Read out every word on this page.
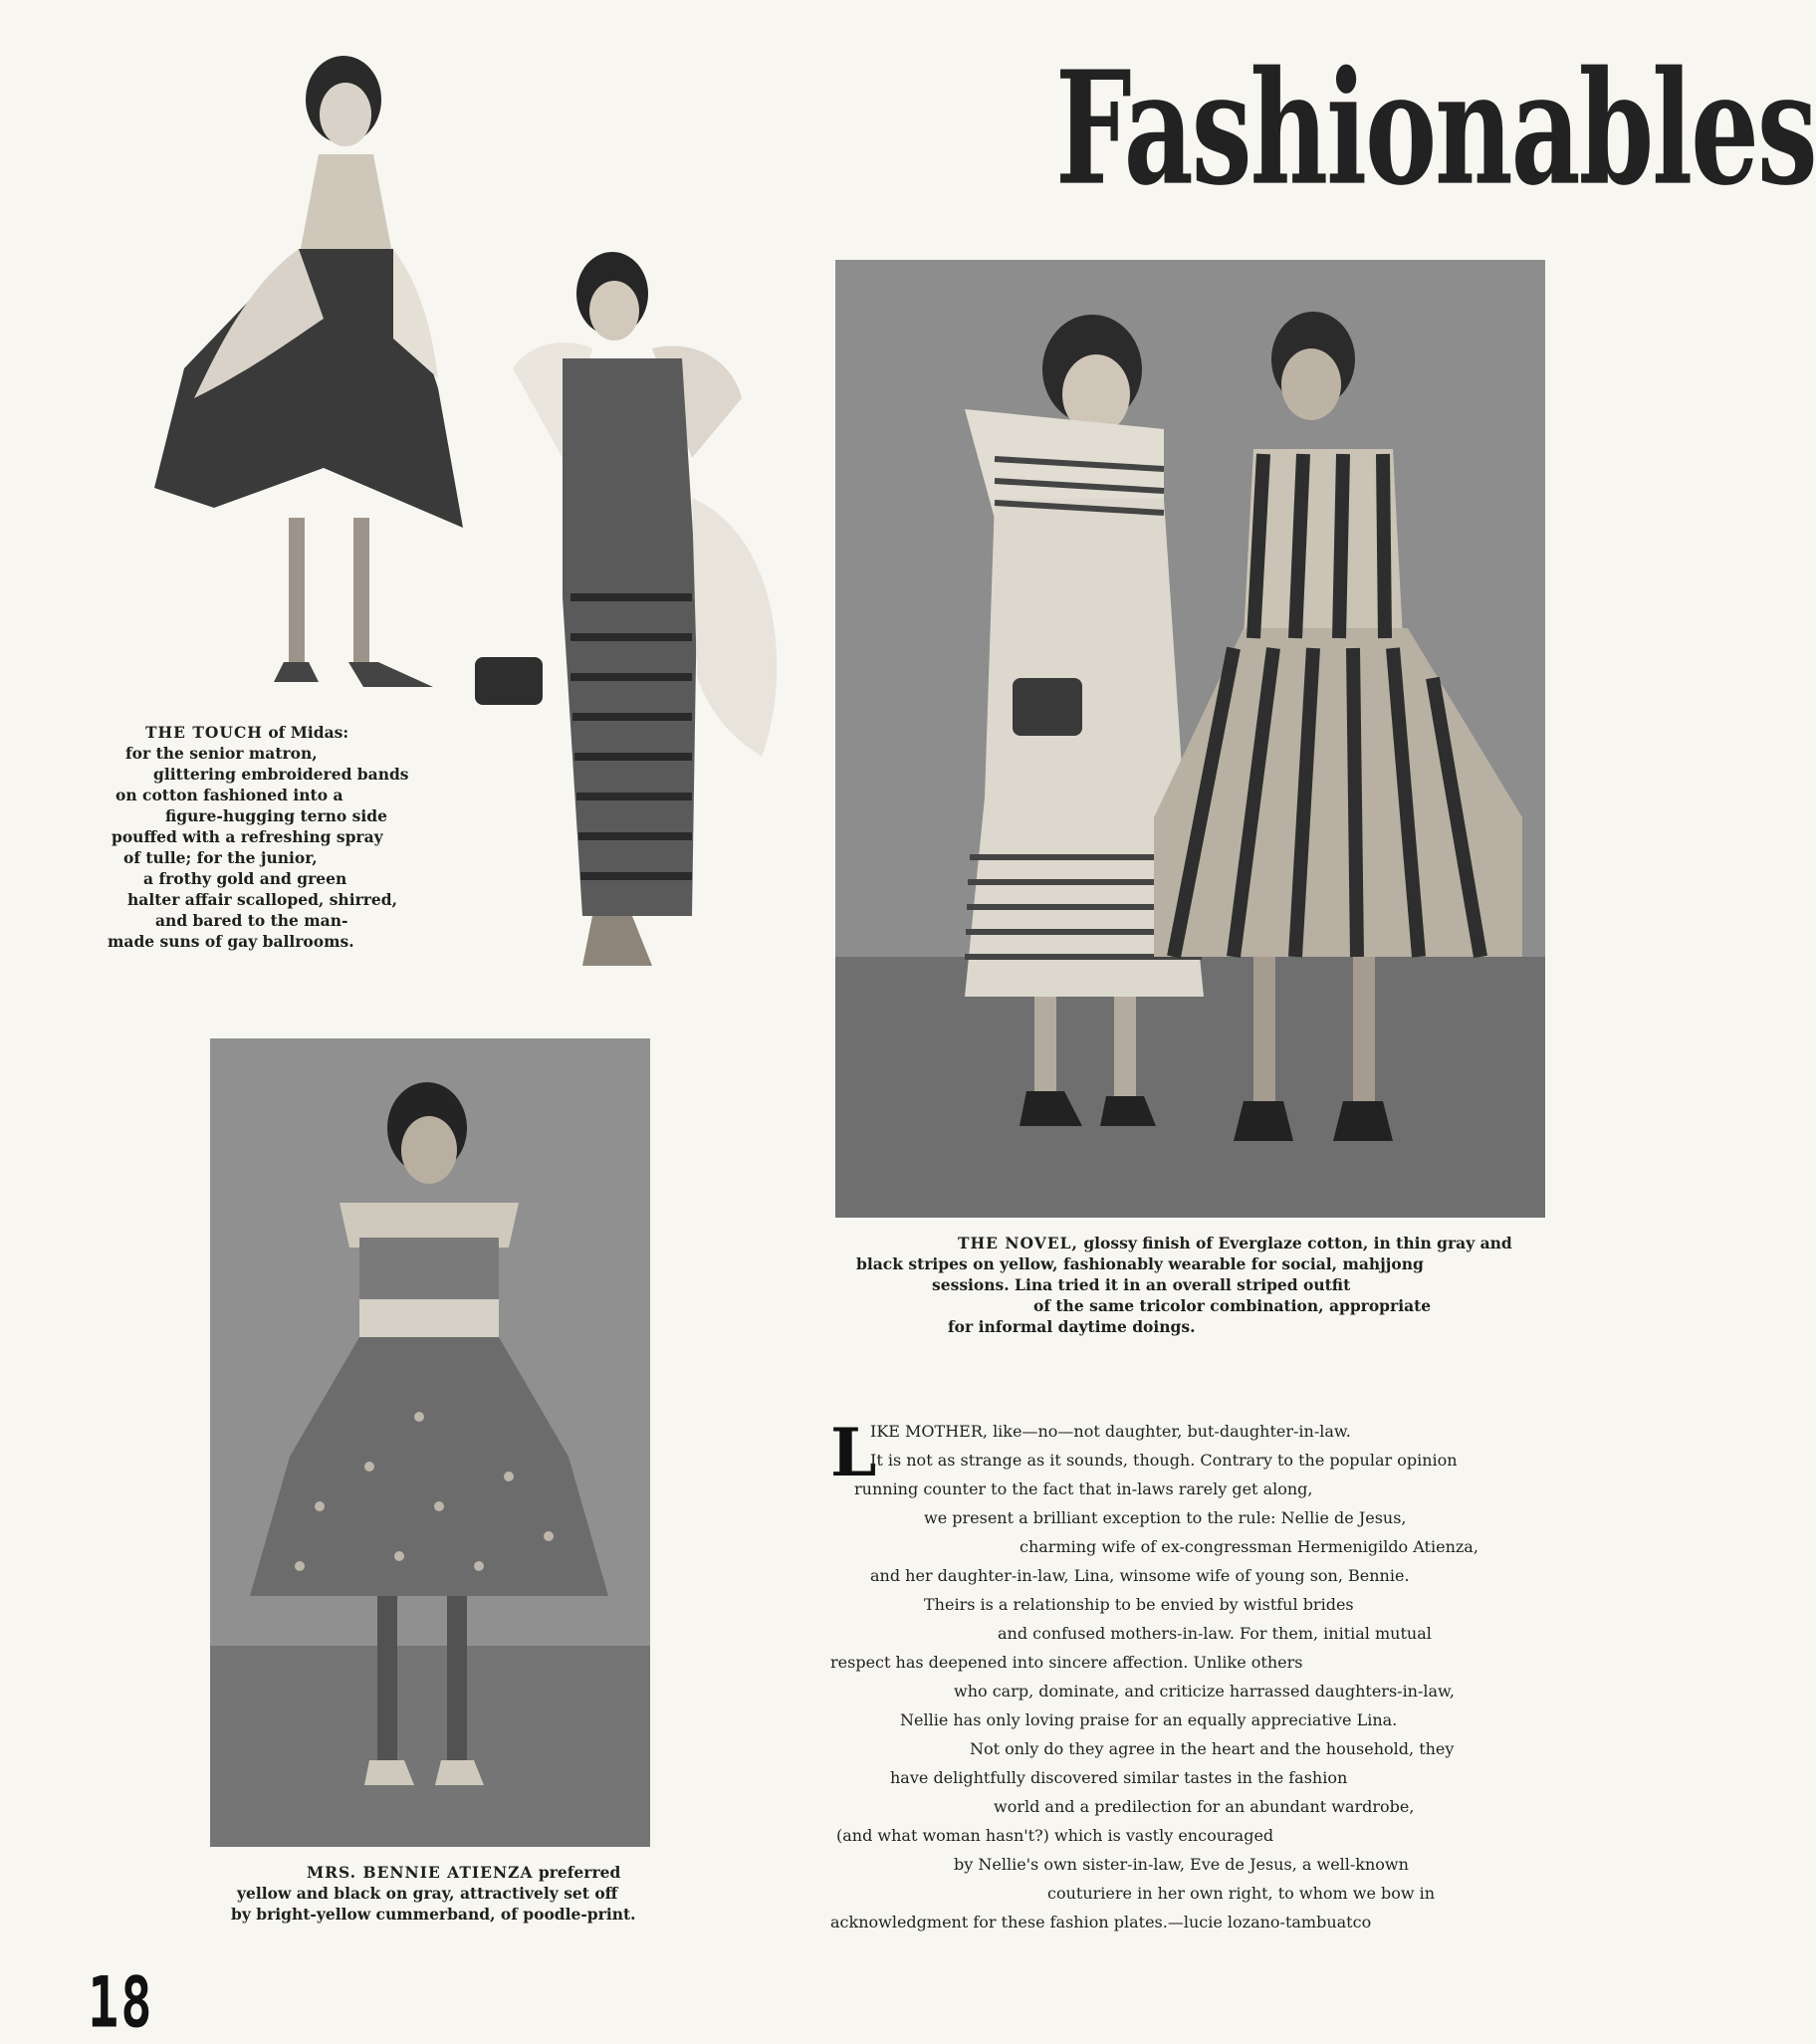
Fashionables
THE TOUCH of Midas:
for the senior matron,
glittering embroidered bands
on cotton fashioned into a
figure-hugging terno side
pouffed with a refreshing spray
of tulle; for the junior,
a frothy gold and green
halter affair scalloped, shirred,
and bared to the man-
made suns of gay ballrooms.
THE NOVEL, glossy finish of Everglaze cotton, in thin gray and
black stripes on yellow, fashionably wearable for social, mahjjong
sessions. Lina tried it in an overall striped outfit
of the same tricolor combination, appropriate
for informal daytime doings.
MRS. BENNIE ATIENZA preferred
yellow and black on gray, attractively set off
by bright-yellow cummerband, of poodle-print.
L
IKE MOTHER, like—no—not daughter, but-daughter-in-law.
It is not as strange as it sounds, though. Contrary to the popular opinion
running counter to the fact that in-laws rarely get along,
we present a brilliant exception to the rule: Nellie de Jesus,
charming wife of ex-congressman Hermenigildo Atienza,
and her daughter-in-law, Lina, winsome wife of young son, Bennie.
Theirs is a relationship to be envied by wistful brides
and confused mothers-in-law. For them, initial mutual
respect has deepened into sincere affection. Unlike others
who carp, dominate, and criticize harrassed daughters-in-law,
Nellie has only loving praise for an equally appreciative Lina.
Not only do they agree in the heart and the household, they
have delightfully discovered similar tastes in the fashion
world and a predilection for an abundant wardrobe,
(and what woman hasn't?) which is vastly encouraged
by Nellie's own sister-in-law, Eve de Jesus, a well-known
couturiere in her own right, to whom we bow in
acknowledgment for these fashion plates.—lucie lozano-tambuatco
18
